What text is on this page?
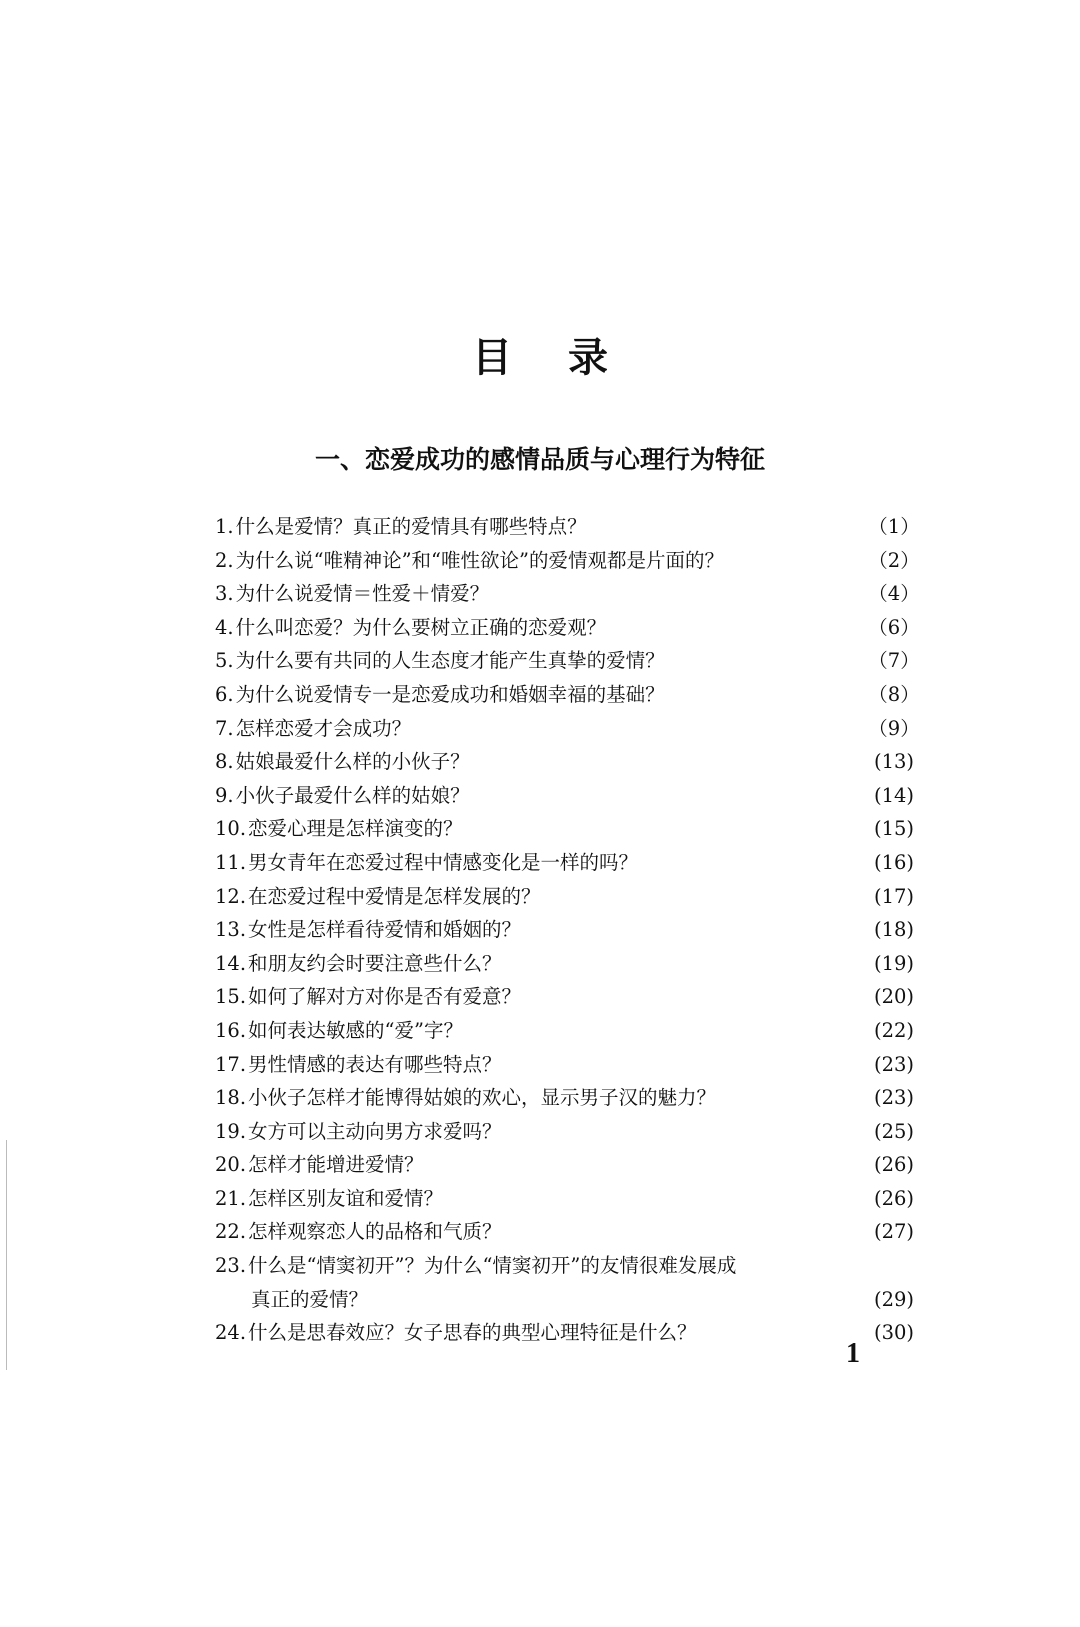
目录
一、恋爱成功的感情品质与心理行为特征
1. 什么是爱情？真正的爱情具有哪些特点？	（1）
2. 为什么说“唯精神论”和“唯性欲论”的爱情观都是片面的？	（2）
3. 为什么说爱情＝性爱＋情爱？	（4）
4. 什么叫恋爱？为什么要树立正确的恋爱观？	（6）
5. 为什么要有共同的人生态度才能产生真挚的爱情？	（7）
6. 为什么说爱情专一是恋爱成功和婚姻幸福的基础？	（8）
7. 怎样恋爱才会成功？	（9）
8. 姑娘最爱什么样的小伙子？	(13)
9. 小伙子最爱什么样的姑娘？	(14)
10. 恋爱心理是怎样演变的？	(15)
11. 男女青年在恋爱过程中情感变化是一样的吗？	(16)
12. 在恋爱过程中爱情是怎样发展的？	(17)
13. 女性是怎样看待爱情和婚姻的？	(18)
14. 和朋友约会时要注意些什么？	(19)
15. 如何了解对方对你是否有爱意？	(20)
16. 如何表达敏感的“爱”字？	(22)
17. 男性情感的表达有哪些特点？	(23)
18. 小伙子怎样才能博得姑娘的欢心，显示男子汉的魅力？	(23)
19. 女方可以主动向男方求爱吗？	(25)
20. 怎样才能增进爱情？	(26)
21. 怎样区别友谊和爱情？	(26)
22. 怎样观察恋人的品格和气质？	(27)
23. 什么是“情窦初开”？为什么“情窦初开”的友情很难发展成
真正的爱情？	(29)
24. 什么是思春效应？女子思春的典型心理特征是什么？	(30)
1
